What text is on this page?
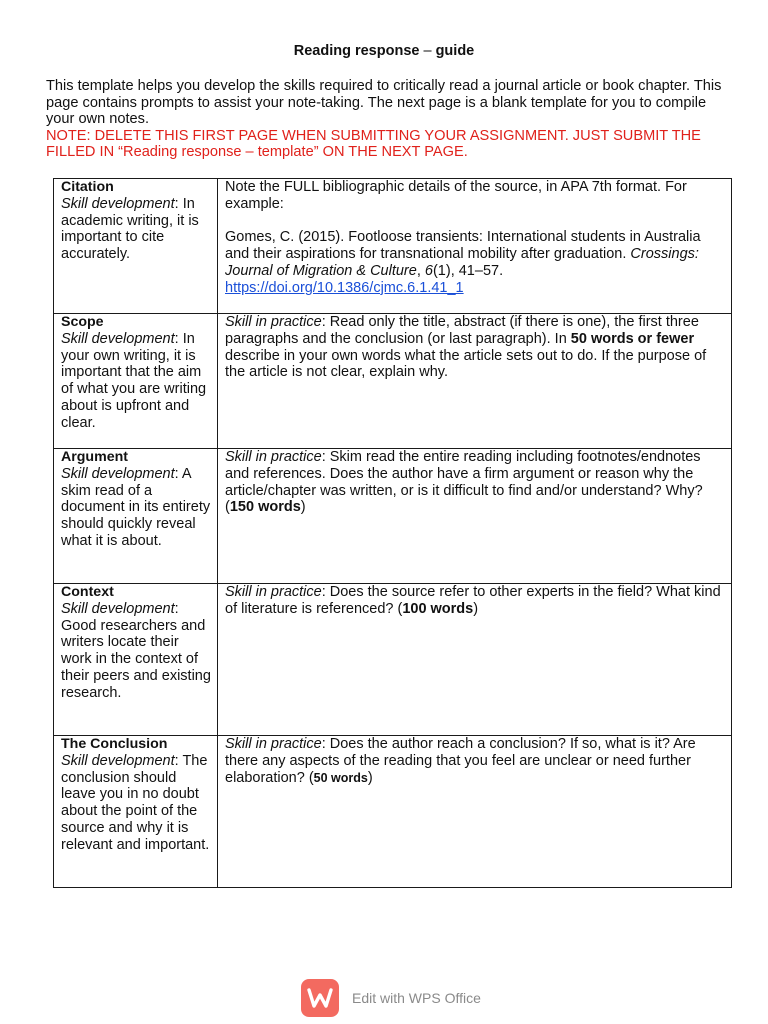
Reading response – guide
This template helps you develop the skills required to critically read a journal article or book chapter. This page contains prompts to assist your note-taking. The next page is a blank template for you to compile your own notes.
NOTE: DELETE THIS FIRST PAGE WHEN SUBMITTING YOUR ASSIGNMENT. JUST SUBMIT THE FILLED IN “Reading response – template” ON THE NEXT PAGE.
Citation
Skill development: In academic writing, it is important to cite accurately.	Note the FULL bibliographic details of the source, in APA 7th format. For example:
Gomes, C. (2015). Footloose transients: International students in Australia and their aspirations for transnational mobility after graduation. Crossings: Journal of Migration & Culture, 6(1), 41–57.
https://doi.org/10.1386/cjmc.6.1.41_1

Scope
Skill development: In your own writing, it is important that the aim of what you are writing about is upfront and clear.	Skill in practice: Read only the title, abstract (if there is one), the first three paragraphs and the conclusion (or last paragraph). In 50 words or fewer describe in your own words what the article sets out to do. If the purpose of the article is not clear, explain why.

Argument
Skill development: A skim read of a document in its entirety should quickly reveal what it is about.	Skill in practice: Skim read the entire reading including footnotes/endnotes and references. Does the author have a firm argument or reason why the article/chapter was written, or is it difficult to find and/or understand? Why? (150 words)

Context
Skill development: Good researchers and writers locate their work in the context of their peers and existing research.	Skill in practice: Does the source refer to other experts in the field? What kind of literature is referenced? (100 words)

The Conclusion
Skill development: The conclusion should leave you in no doubt about the point of the source and why it is relevant and important.	Skill in practice: Does the author reach a conclusion? If so, what is it? Are there any aspects of the reading that you feel are unclear or need further elaboration? (50 words)
Edit with WPS Office
